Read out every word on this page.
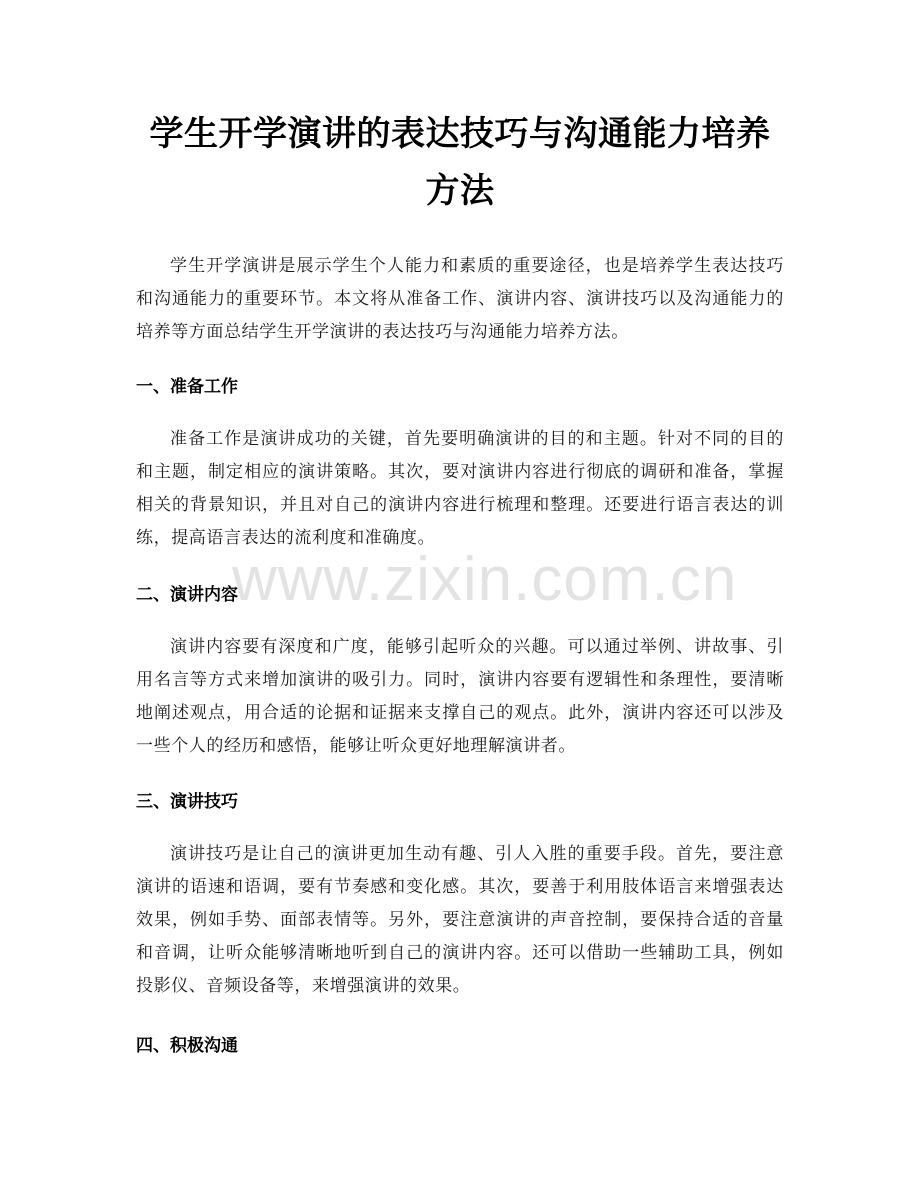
www.zixin.com.cn
学生开学演讲的表达技巧与沟通能力培养方法

学生开学演讲是展示学生个人能力和素质的重要途径，也是培养学生表达技巧和沟通能力的重要环节。本文将从准备工作、演讲内容、演讲技巧以及沟通能力的培养等方面总结学生开学演讲的表达技巧与沟通能力培养方法。

一、准备工作

准备工作是演讲成功的关键，首先要明确演讲的目的和主题。针对不同的目的和主题，制定相应的演讲策略。其次，要对演讲内容进行彻底的调研和准备，掌握相关的背景知识，并且对自己的演讲内容进行梳理和整理。还要进行语言表达的训练，提高语言表达的流利度和准确度。

二、演讲内容

演讲内容要有深度和广度，能够引起听众的兴趣。可以通过举例、讲故事、引用名言等方式来增加演讲的吸引力。同时，演讲内容要有逻辑性和条理性，要清晰地阐述观点，用合适的论据和证据来支撑自己的观点。此外，演讲内容还可以涉及一些个人的经历和感悟，能够让听众更好地理解演讲者。

三、演讲技巧

演讲技巧是让自己的演讲更加生动有趣、引人入胜的重要手段。首先，要注意演讲的语速和语调，要有节奏感和变化感。其次，要善于利用肢体语言来增强表达效果，例如手势、面部表情等。另外，要注意演讲的声音控制，要保持合适的音量和音调，让听众能够清晰地听到自己的演讲内容。还可以借助一些辅助工具，例如投影仪、音频设备等，来增强演讲的效果。

四、积极沟通
